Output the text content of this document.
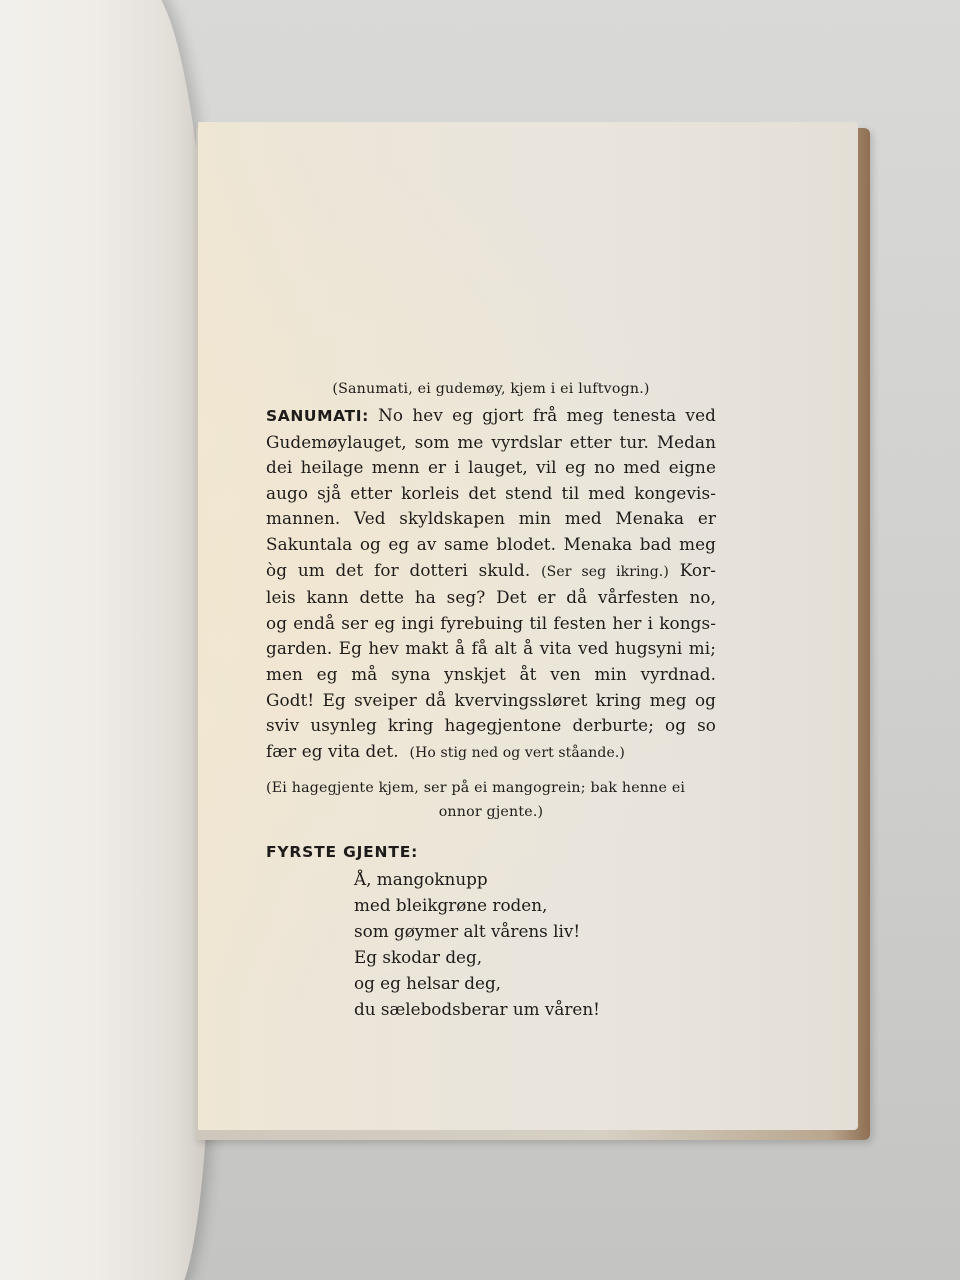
(Sanumati, ei gudemøy, kjem i ei luftvogn.)
SANUMATI: No hev eg gjort frå meg tenesta ved
Gudemøylauget, som me vyrdslar etter tur. Medan
dei heilage menn er i lauget, vil eg no med eigne
augo sjå etter korleis det stend til med kongevis-
mannen. Ved skyldskapen min med Menaka er
Sakuntala og eg av same blodet. Menaka bad meg
òg um det for dotteri skuld. (Ser seg ikring.) Kor-
leis kann dette ha seg? Det er då vårfesten no,
og endå ser eg ingi fyrebuing til festen her i kongs-
garden. Eg hev makt å få alt å vita ved hugsyni mi;
men eg må syna ynskjet åt ven min vyrdnad.
Godt! Eg sveiper då kvervingssløret kring meg og
sviv usynleg kring hagegjentone derburte; og so
fær eg vita det. (Ho stig ned og vert ståande.)
(Ei hagegjente kjem, ser på ei mangogrein; bak henne ei
onnor gjente.)
FYRSTE GJENTE:
Å, mangoknupp
med bleikgrøne roden,
som gøymer alt vårens liv!
Eg skodar deg,
og eg helsar deg,
du sælebodsberar um våren!
